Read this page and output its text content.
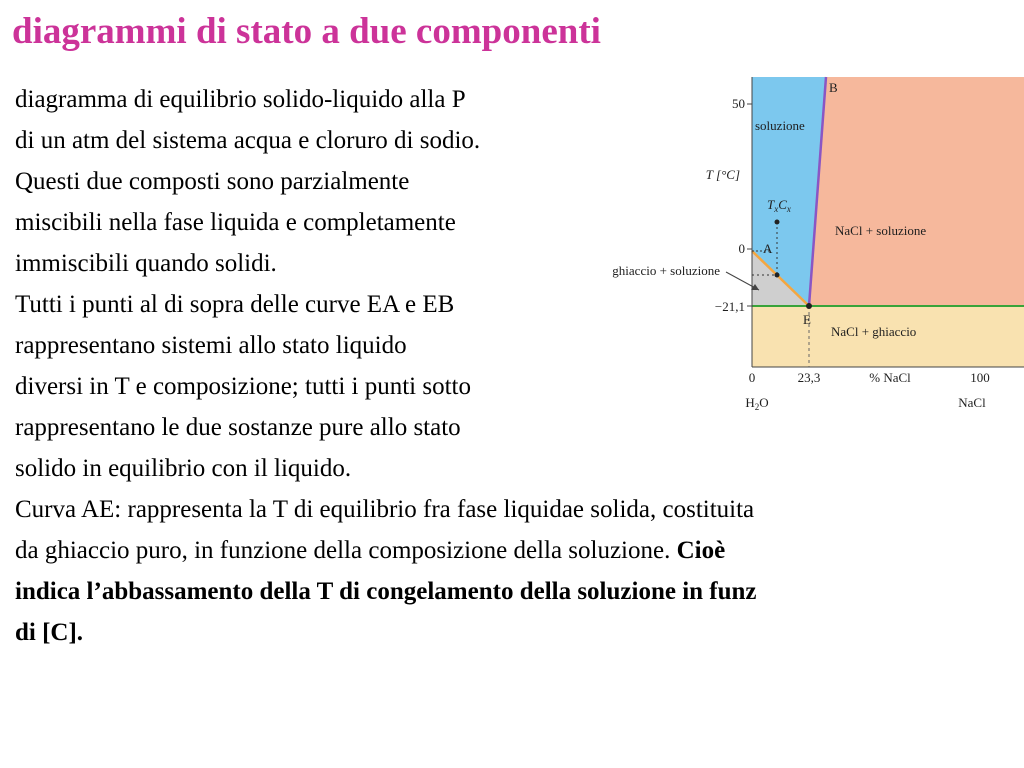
diagrammi di stato a due componenti
diagramma di equilibrio solido-liquido alla P
di un atm del sistema acqua e cloruro di sodio.
Questi due composti sono parzialmente
miscibili nella fase liquida e completamente
immiscibili quando solidi.
Tutti i punti al di sopra delle curve EA e EB
rappresentano sistemi allo stato liquido
diversi in T e composizione; tutti i punti sotto
rappresentano le due sostanze pure allo stato
solido in equilibrio con il liquido.
Curva AE: rappresenta la T di equilibrio fra fase liquidae solida, costituita
da ghiaccio puro, in funzione della composizione della soluzione. Cioè
indica l’abbassamento della T di congelamento della soluzione in funz
di [C].
50
0
−21,1
T [°C]
0	23,3	100
% NaCl
$H_2O$	NaCl
B
A
E
$T_xC_x$
soluzione
NaCl + soluzione
ghiaccio + soluzione
NaCl + ghiaccio
